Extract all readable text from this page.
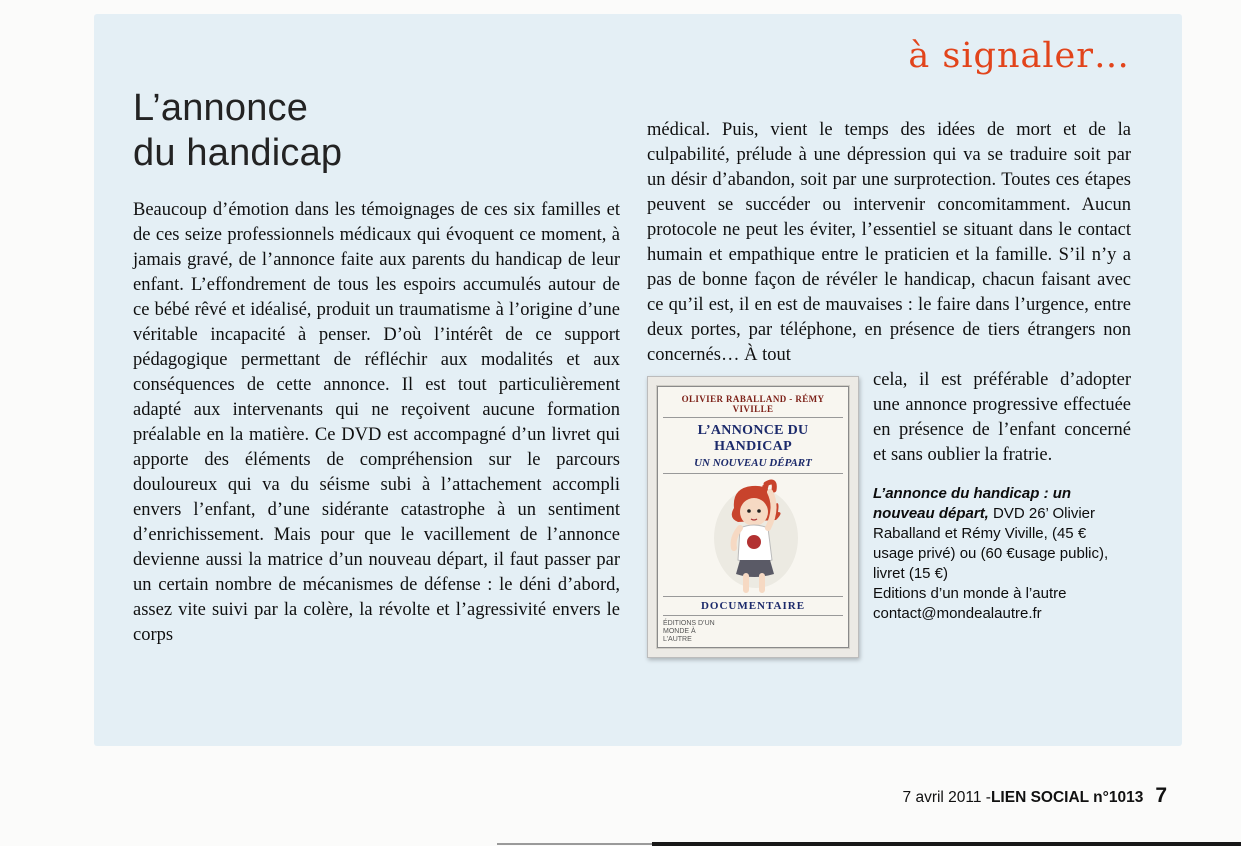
à signaler…
L’annonce
du handicap

Beaucoup d’émotion dans les témoignages de ces six familles et de ces seize professionnels médicaux qui évoquent ce moment, à jamais gravé, de l’annonce faite aux parents du handicap de leur enfant. L’effondrement de tous les espoirs accumulés autour de ce bébé rêvé et idéalisé, produit un traumatisme à l’origine d’une véritable incapacité à penser. D’où l’intérêt de ce support pédagogique permettant de réfléchir aux modalités et aux conséquences de cette annonce. Il est tout particulièrement adapté aux intervenants qui ne reçoivent aucune formation préalable en la matière. Ce DVD est accompagné d’un livret qui apporte des éléments de compréhension sur le parcours douloureux qui va du séisme subi à l’attachement accompli envers l’enfant, d’une sidérante catastrophe à un sentiment d’enrichissement. Mais pour que le vacillement de l’annonce devienne aussi la matrice d’un nouveau départ, il faut passer par un certain nombre de mécanismes de défense : le déni d’abord, assez vite suivi par la colère, la révolte et l’agressivité envers le corps

médical. Puis, vient le temps des idées de mort et de la culpabilité, prélude à une dépression qui va se traduire soit par un désir d’abandon, soit par une surprotection. Toutes ces étapes peuvent se succéder ou intervenir concomitamment. Aucun protocole ne peut les éviter, l’essentiel se situant dans le contact humain et empathique entre le praticien et la famille. S’il n’y a pas de bonne façon de révéler le handicap, chacun faisant avec ce qu’il est, il en est de mauvaises : le faire dans l’urgence, entre deux portes, par téléphone, en présence de tiers étrangers non concernés… À tout

OLIVIER RABALLAND - RÉMY VIVILLE
L’ANNONCE DU HANDICAP
UN NOUVEAU DÉPART
DOCUMENTAIRE
ÉDITIONS D’UN MONDE À L’AUTRE

cela, il est préférable d’adopter une annonce progressive effectuée en présence de l’enfant concerné et sans oublier la fratrie.

L’annonce du handicap : un nouveau départ, DVD 26’ Olivier Raballand et Rémy Viville, (45 € usage privé) ou (60 €usage public), livret (15 €)
Editions d’un monde à l’autre
contact@mondealautre.fr

7 avril 2011 - LIEN SOCIAL n°1013 7
